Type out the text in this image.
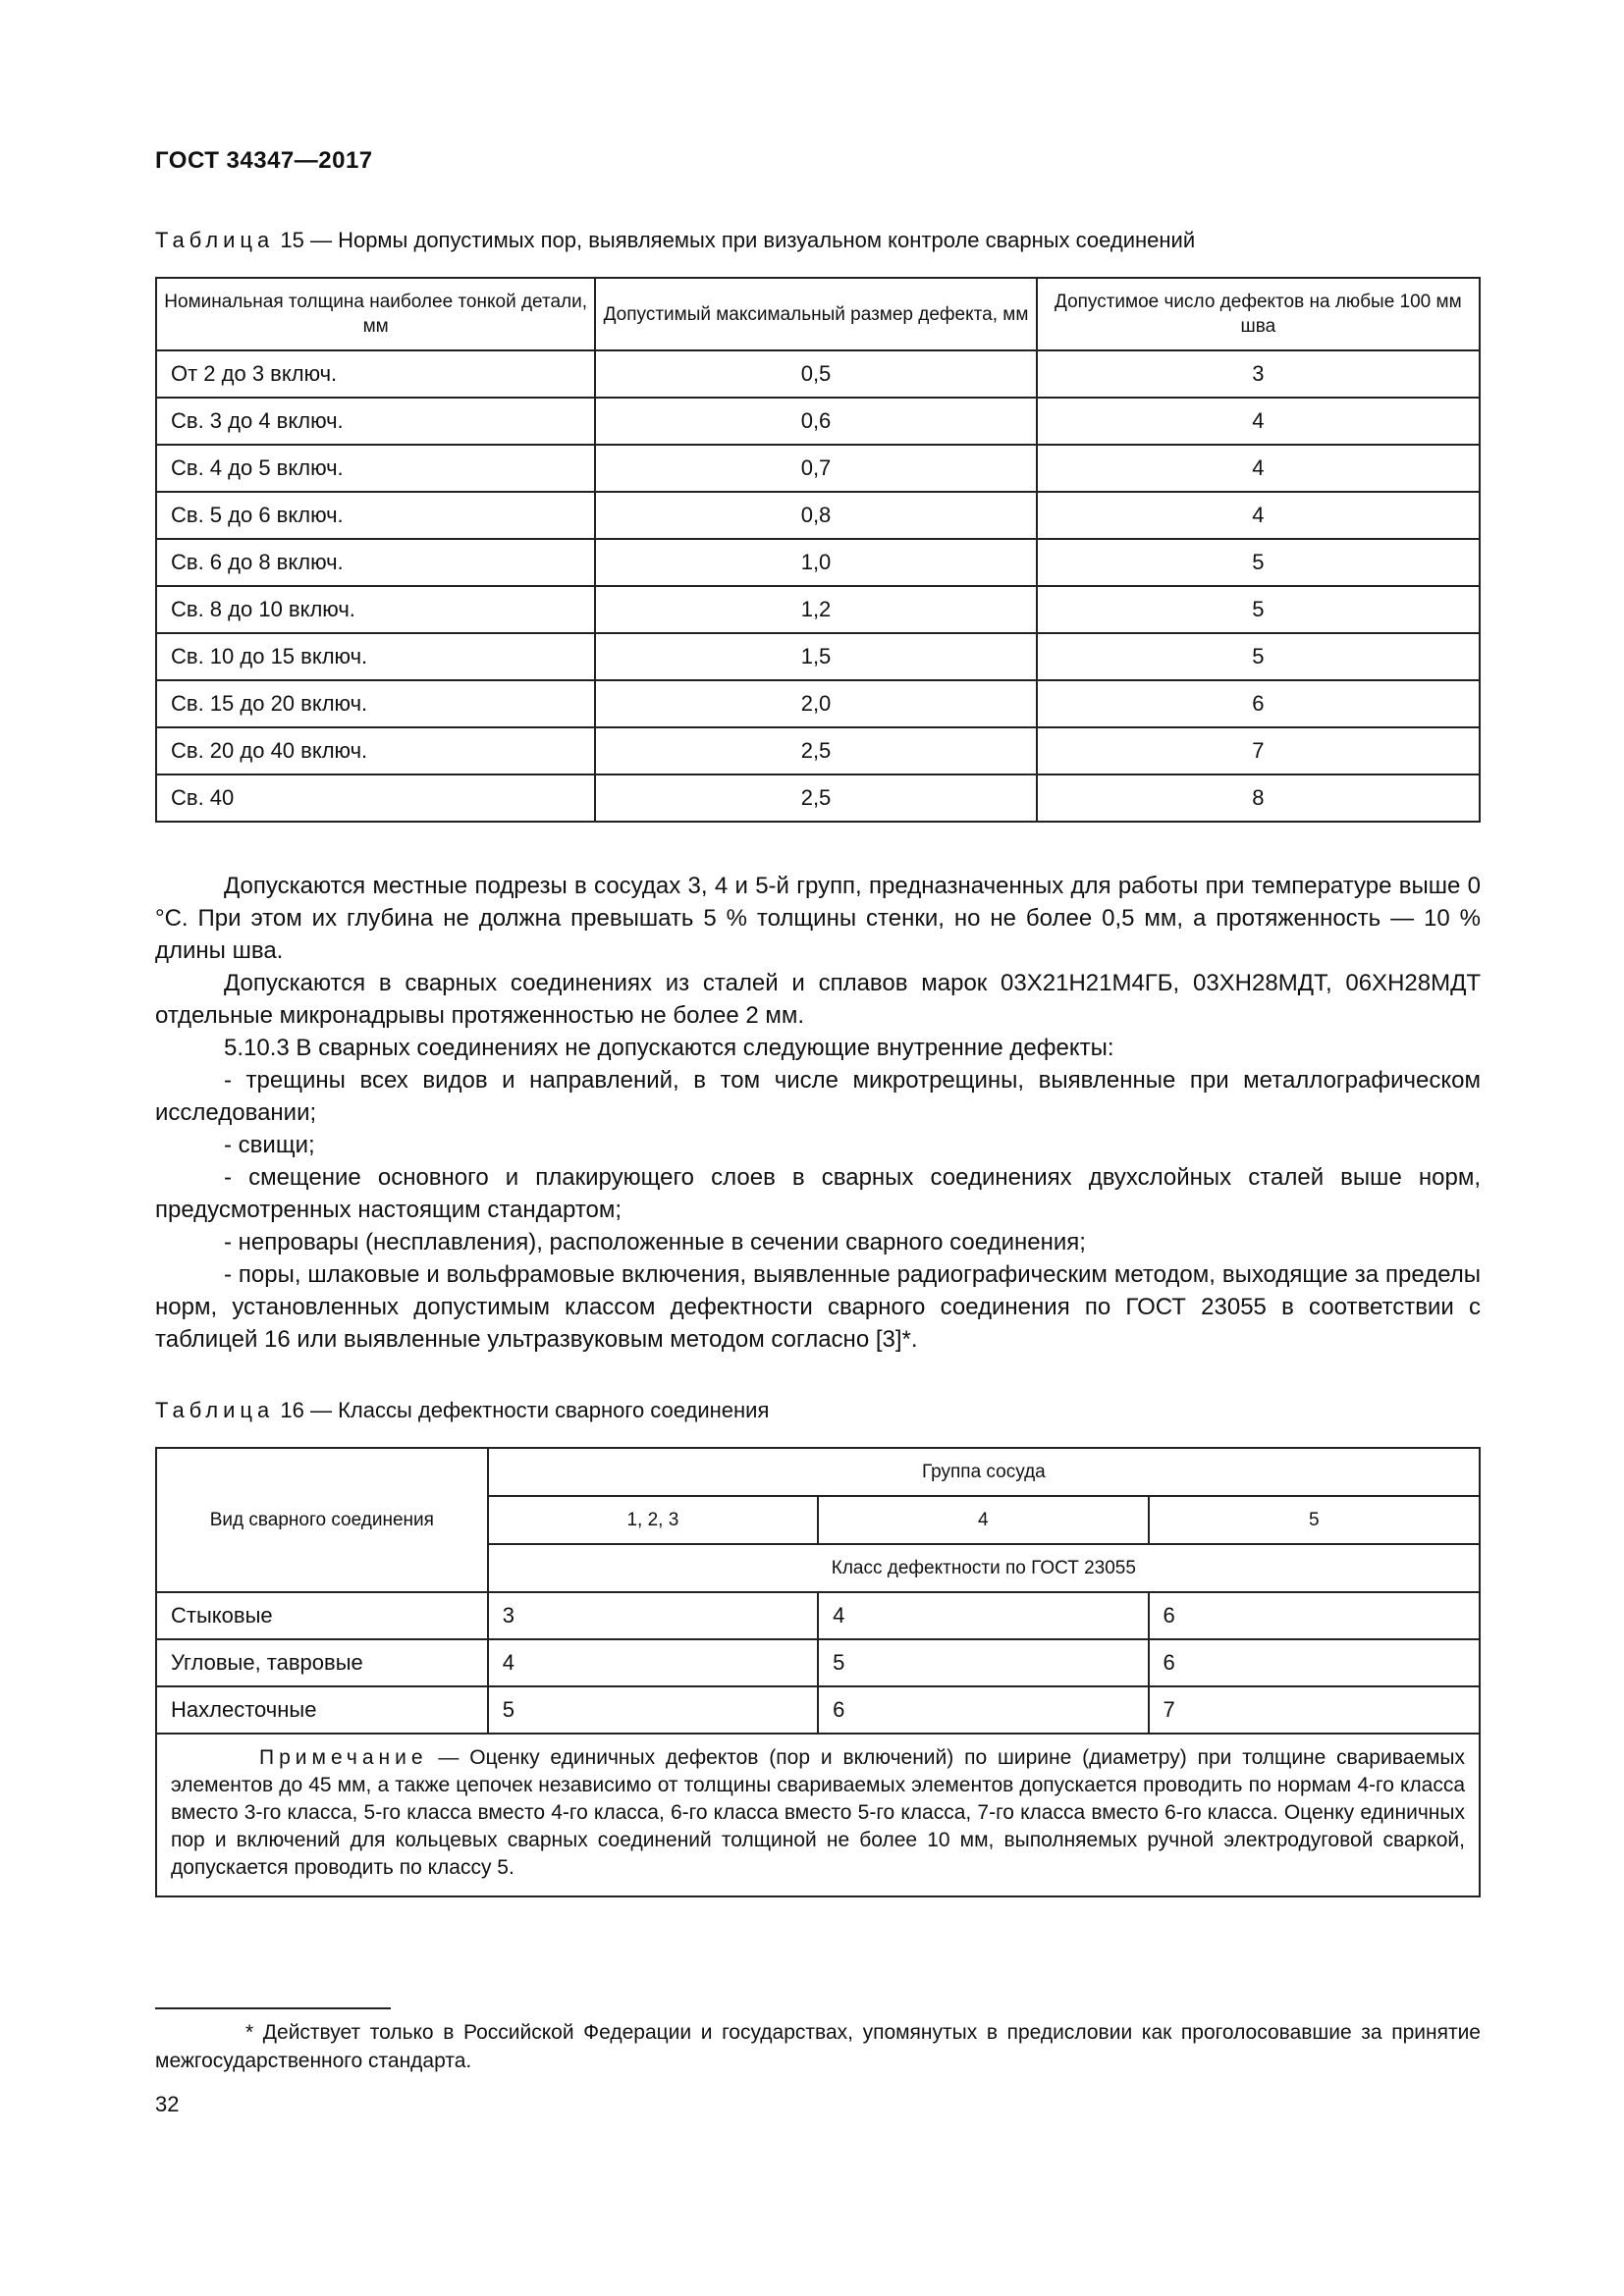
ГОСТ 34347—2017
Таблица 15 — Нормы допустимых пор, выявляемых при визуальном контроле сварных соединений
Номинальная толщина наиболее тонкой детали, мм	Допустимый максимальный размер дефекта, мм	Допустимое число дефектов на любые 100 мм шва
От 2 до 3 включ.	0,5	3
Св. 3 до 4 включ.	0,6	4
Св. 4 до 5 включ.	0,7	4
Св. 5 до 6 включ.	0,8	4
Св. 6 до 8 включ.	1,0	5
Св. 8 до 10 включ.	1,2	5
Св. 10 до 15 включ.	1,5	5
Св. 15 до 20 включ.	2,0	6
Св. 20 до 40 включ.	2,5	7
Св. 40	2,5	8

Допускаются местные подрезы в сосудах 3, 4 и 5-й групп, предназначенных для работы при температуре выше 0 °С. При этом их глубина не должна превышать 5 % толщины стенки, но не более 0,5 мм, а протяженность — 10 % длины шва.

Допускаются в сварных соединениях из сталей и сплавов марок 03Х21Н21М4ГБ, 03ХН28МДТ, 06ХН28МДТ отдельные микронадрывы протяженностью не более 2 мм.

5.10.3 В сварных соединениях не допускаются следующие внутренние дефекты:

- трещины всех видов и направлений, в том числе микротрещины, выявленные при металлографическом исследовании;

- свищи;

- смещение основного и плакирующего слоев в сварных соединениях двухслойных сталей выше норм, предусмотренных настоящим стандартом;

- непровары (несплавления), расположенные в сечении сварного соединения;

- поры, шлаковые и вольфрамовые включения, выявленные радиографическим методом, выходящие за пределы норм, установленных допустимым классом дефектности сварного соединения по ГОСТ 23055 в соответствии с таблицей 16 или выявленные ультразвуковым методом согласно [3]*.

Таблица 16 — Классы дефектности сварного соединения
Вид сварного соединения	Группа сосуда		
	1, 2, 3	4	5
	Класс дефектности по ГОСТ 23055		
Стыковые	3	4	6
Угловые, тавровые	4	5	6
Нахлесточные	5	6	7
Примечание — Оценку единичных дефектов (пор и включений) по ширине (диаметру) при толщине свариваемых элементов до 45 мм, а также цепочек независимо от толщины свариваемых элементов допускается проводить по нормам 4-го класса вместо 3-го класса, 5-го класса вместо 4-го класса, 6-го класса вместо 5-го класса, 7-го класса вместо 6-го класса. Оценку единичных пор и включений для кольцевых сварных соединений толщиной не более 10 мм, выполняемых ручной электродуговой сваркой, допускается проводить по классу 5.			
* Действует только в Российской Федерации и государствах, упомянутых в предисловии как проголосовавшие за принятие межгосударственного стандарта.
32
